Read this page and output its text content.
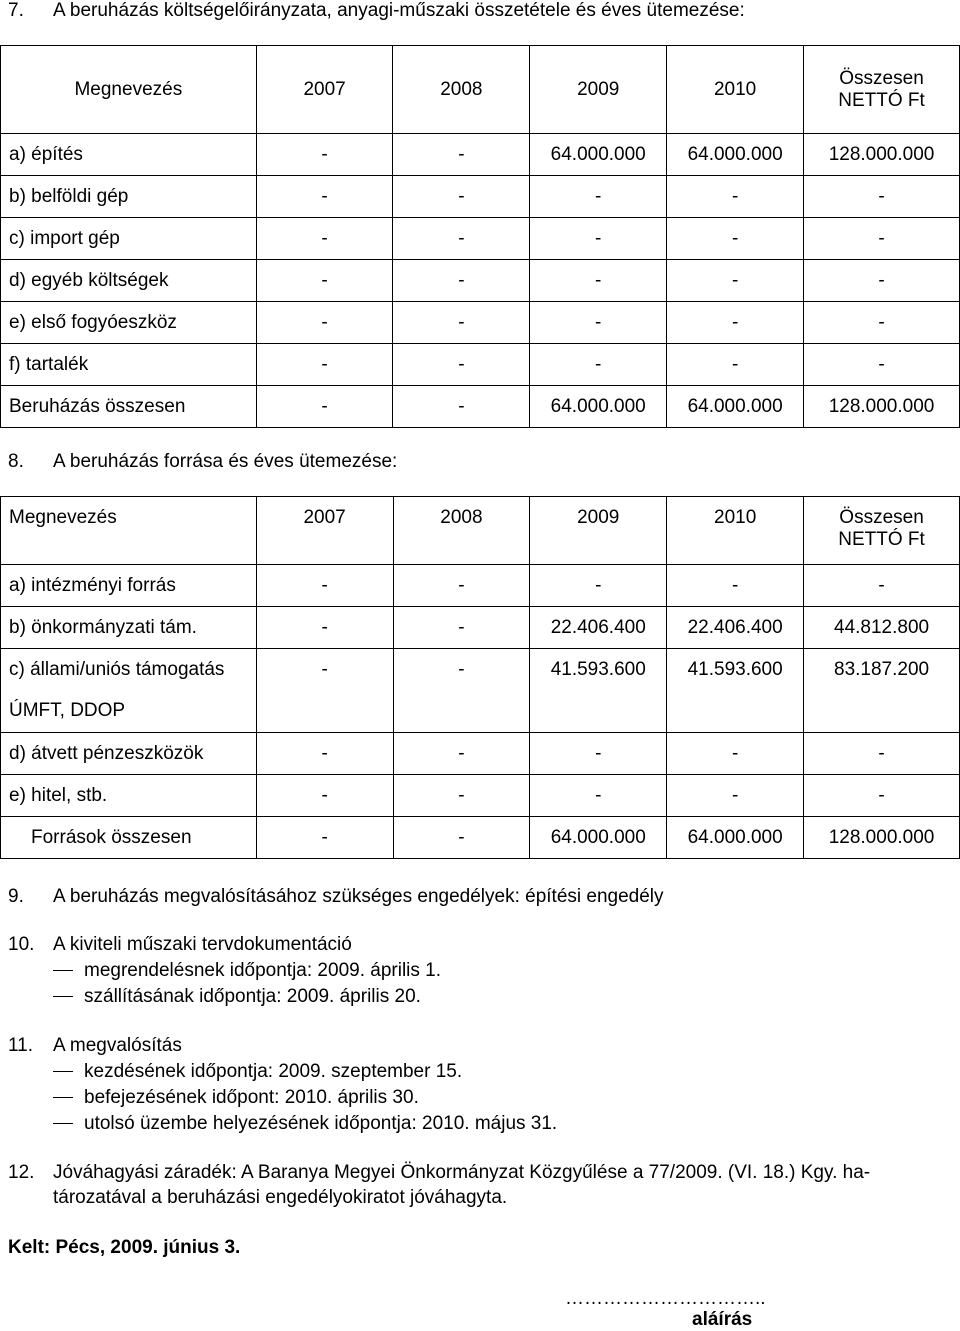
7. A beruházás költségelőirányzata, anyagi-műszaki összetétele és éves ütemezése:
Megnevezés	2007	2008	2009	2010	Összesen
NETTÓ Ft
a) építés	-	-	64.000.000	64.000.000	128.000.000
b) belföldi gép	-	-	-	-	-
c) import gép	-	-	-	-	-
d) egyéb költségek	-	-	-	-	-
e) első fogyóeszköz	-	-	-	-	-
f) tartalék	-	-	-	-	-
Beruházás összesen	-	-	64.000.000	64.000.000	128.000.000
8. A beruházás forrása és éves ütemezése:
Megnevezés	2007	2008	2009	2010	Összesen
NETTÓ Ft
a) intézményi forrás	-	-	-	-	-
b) önkormányzati tám.	-	-	22.406.400	22.406.400	44.812.800
c) állami/uniós támogatás
ÚMFT, DDOP	-	-	41.593.600	41.593.600	83.187.200
d) átvett pénzeszközök	-	-	-	-	-
e) hitel, stb.	-	-	-	-	-
Források összesen	-	-	64.000.000	64.000.000	128.000.000
9. A beruházás megvalósításához szükséges engedélyek: építési engedély
10. A kiviteli műszaki tervdokumentáció
megrendelésnek időpontja: 2009. április 1.
szállításának időpontja: 2009. április 20.
11. A megvalósítás
kezdésének időpontja: 2009. szeptember 15.
befejezésének időpont: 2010. április 30.
utolsó üzembe helyezésének időpontja: 2010. május 31.
12. Jóváhagyási záradék: A Baranya Megyei Önkormányzat Közgyűlése a 77/2009. (VI. 18.) Kgy. ha-
tározatával a beruházási engedélyokiratot jóváhagyta.
Kelt: Pécs, 2009. június 3.
…………………………..
aláírás
